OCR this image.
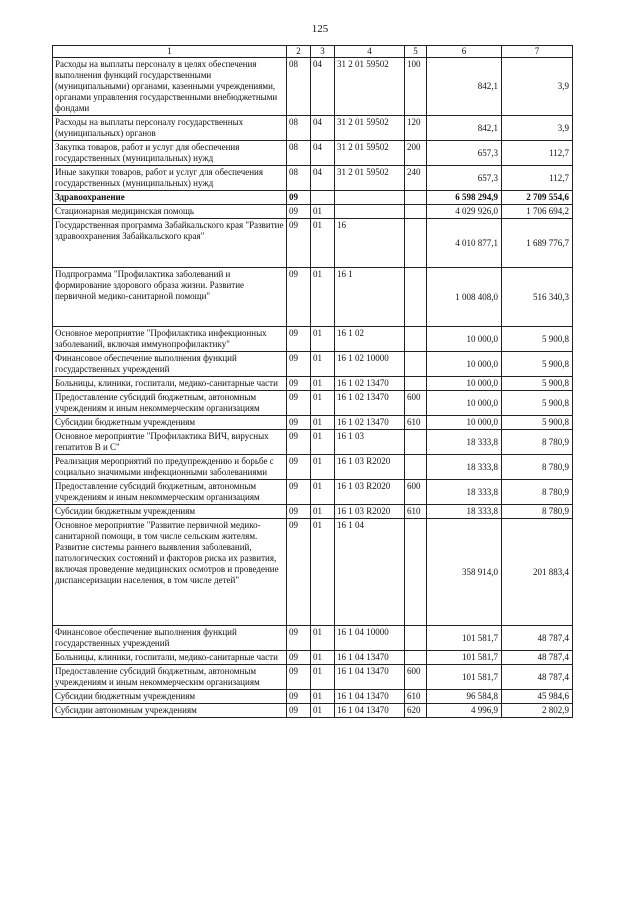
125
1	2	3	4	5	6	7
Расходы на выплаты персоналу в целях обеспечения выполнения функций государственными (муниципальными) органами, казенными учреждениями, органами управления государственными внебюджетными фондами	08	04	31 2 01 59502	100	842,1	3,9
Расходы на выплаты персоналу государственных (муниципальных) органов	08	04	31 2 01 59502	120	842,1	3,9
Закупка товаров, работ и услуг для обеспечения государственных (муниципальных) нужд	08	04	31 2 01 59502	200	657,3	112,7
Иные закупки товаров, работ и услуг для обеспечения государственных (муниципальных) нужд	08	04	31 2 01 59502	240	657,3	112,7
Здравоохранение	09				6 598 294,9	2 709 554,6
Стационарная медицинская помощь	09	01			4 029 926,0	1 706 694,2
Государственная программа Забайкальского края "Развитие здравоохранения Забайкальского края"	09	01	16		4 010 877,1	1 689 776,7
Подпрограмма "Профилактика заболеваний и формирование здорового образа жизни. Развитие первичной медико-санитарной помощи"	09	01	16 1		1 008 408,0	516 340,3
Основное мероприятие "Профилактика инфекционных заболеваний, включая иммунопрофилактику"	09	01	16 1 02		10 000,0	5 900,8
Финансовое обеспечение выполнения функций государственных учреждений	09	01	16 1 02 10000		10 000,0	5 900,8
Больницы, клиники, госпитали, медико-санитарные части	09	01	16 1 02 13470		10 000,0	5 900,8
Предоставление субсидий бюджетным, автономным учреждениям и иным некоммерческим организациям	09	01	16 1 02 13470	600	10 000,0	5 900,8
Субсидии бюджетным учреждениям	09	01	16 1 02 13470	610	10 000,0	5 900,8
Основное мероприятие "Профилактика ВИЧ, вирусных гепатитов В и С"	09	01	16 1 03		18 333,8	8 780,9
Реализация мероприятий по предупреждению и борьбе с социально значимыми инфекционными заболеваниями	09	01	16 1 03 R2020		18 333,8	8 780,9
Предоставление субсидий бюджетным, автономным учреждениям и иным некоммерческим организациям	09	01	16 1 03 R2020	600	18 333,8	8 780,9
Субсидии бюджетным учреждениям	09	01	16 1 03 R2020	610	18 333,8	8 780,9
Основное мероприятие "Развитие первичной медико-санитарной помощи, в том числе сельским жителям. Развитие системы раннего выявления заболеваний, патологических состояний и факторов риска их развития, включая проведение медицинских осмотров и проведение диспансеризации населения, в том числе детей"	09	01	16 1 04		358 914,0	201 883,4
Финансовое обеспечение выполнения функций государственных учреждений	09	01	16 1 04 10000		101 581,7	48 787,4
Больницы, клиники, госпитали, медико-санитарные части	09	01	16 1 04 13470		101 581,7	48 787,4
Предоставление субсидий бюджетным, автономным учреждениям и иным некоммерческим организациям	09	01	16 1 04 13470	600	101 581,7	48 787,4
Субсидии бюджетным учреждениям	09	01	16 1 04 13470	610	96 584,8	45 984,6
Субсидии автономным учреждениям	09	01	16 1 04 13470	620	4 996,9	2 802,9
